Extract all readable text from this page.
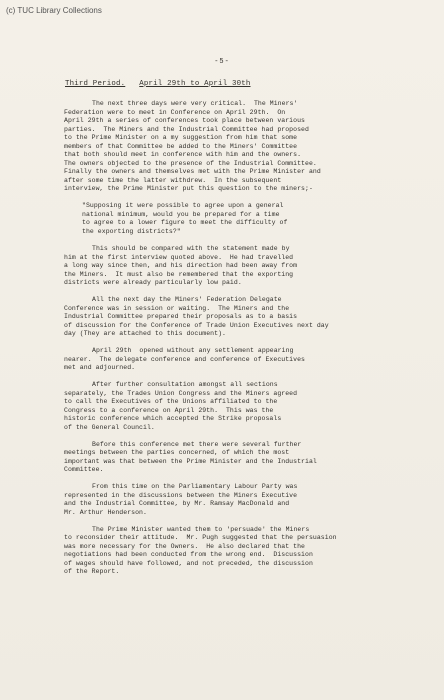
(c) TUC Library Collections
-5-
Third Period. April 29th to April 30th
The next three days were very critical.  The Miners'
Federation were to meet in Conference on April 29th.  On
April 29th a series of conferences took place between various
parties.  The Miners and the Industrial Committee had proposed
to the Prime Minister on a my suggestion from him that some
members of that Committee be added to the Miners' Committee
that both should meet in conference with him and the owners.
The owners objected to the presence of the Industrial Committee.
Finally the owners and themselves met with the Prime Minister and
after some time the latter withdrew.  In the subsequent
interview, the Prime Minister put this question to the miners;-
"Supposing it were possible to agree upon a general
national minimum, would you be prepared for a time
to agree to a lower figure to meet the difficulty of
the exporting districts?"
This should be compared with the statement made by
him at the first interview quoted above.  He had travelled
a long way since then, and his direction had been away from
the Miners.  It must also be remembered that the exporting
districts were already particularly low paid.
All the next day the Miners' Federation Delegate
Conference was in session or waiting.  The Miners and the
Industrial Committee prepared their proposals as to a basis
of discussion for the Conference of Trade Union Executives next day
day (They are attached to this document).
April 29th  opened without any settlement appearing
nearer.  The delegate conference and conference of Executives
met and adjourned.
After further consultation amongst all sections
separately, the Trades Union Congress and the Miners agreed
to call the Executives of the Unions affiliated to the
Congress to a conference on April 29th.  This was the
historic conference which accepted the Strike proposals
of the General Council.
Before this conference met there were several further
meetings between the parties concerned, of which the most
important was that between the Prime Minister and the Industrial
Committee.
From this time on the Parliamentary Labour Party was
represented in the discussions between the Miners Executive
and the Industrial Committee, by Mr. Ramsay MacDonald and
Mr. Arthur Henderson.
The Prime Minister wanted them to 'persuade' the Miners
to reconsider their attitude.  Mr. Pugh suggested that the persuasion
was more necessary for the Owners.  He also declared that the
negotiations had been conducted from the wrong end.  Discussion
of wages should have followed, and not preceded, the discussion
of the Report.
